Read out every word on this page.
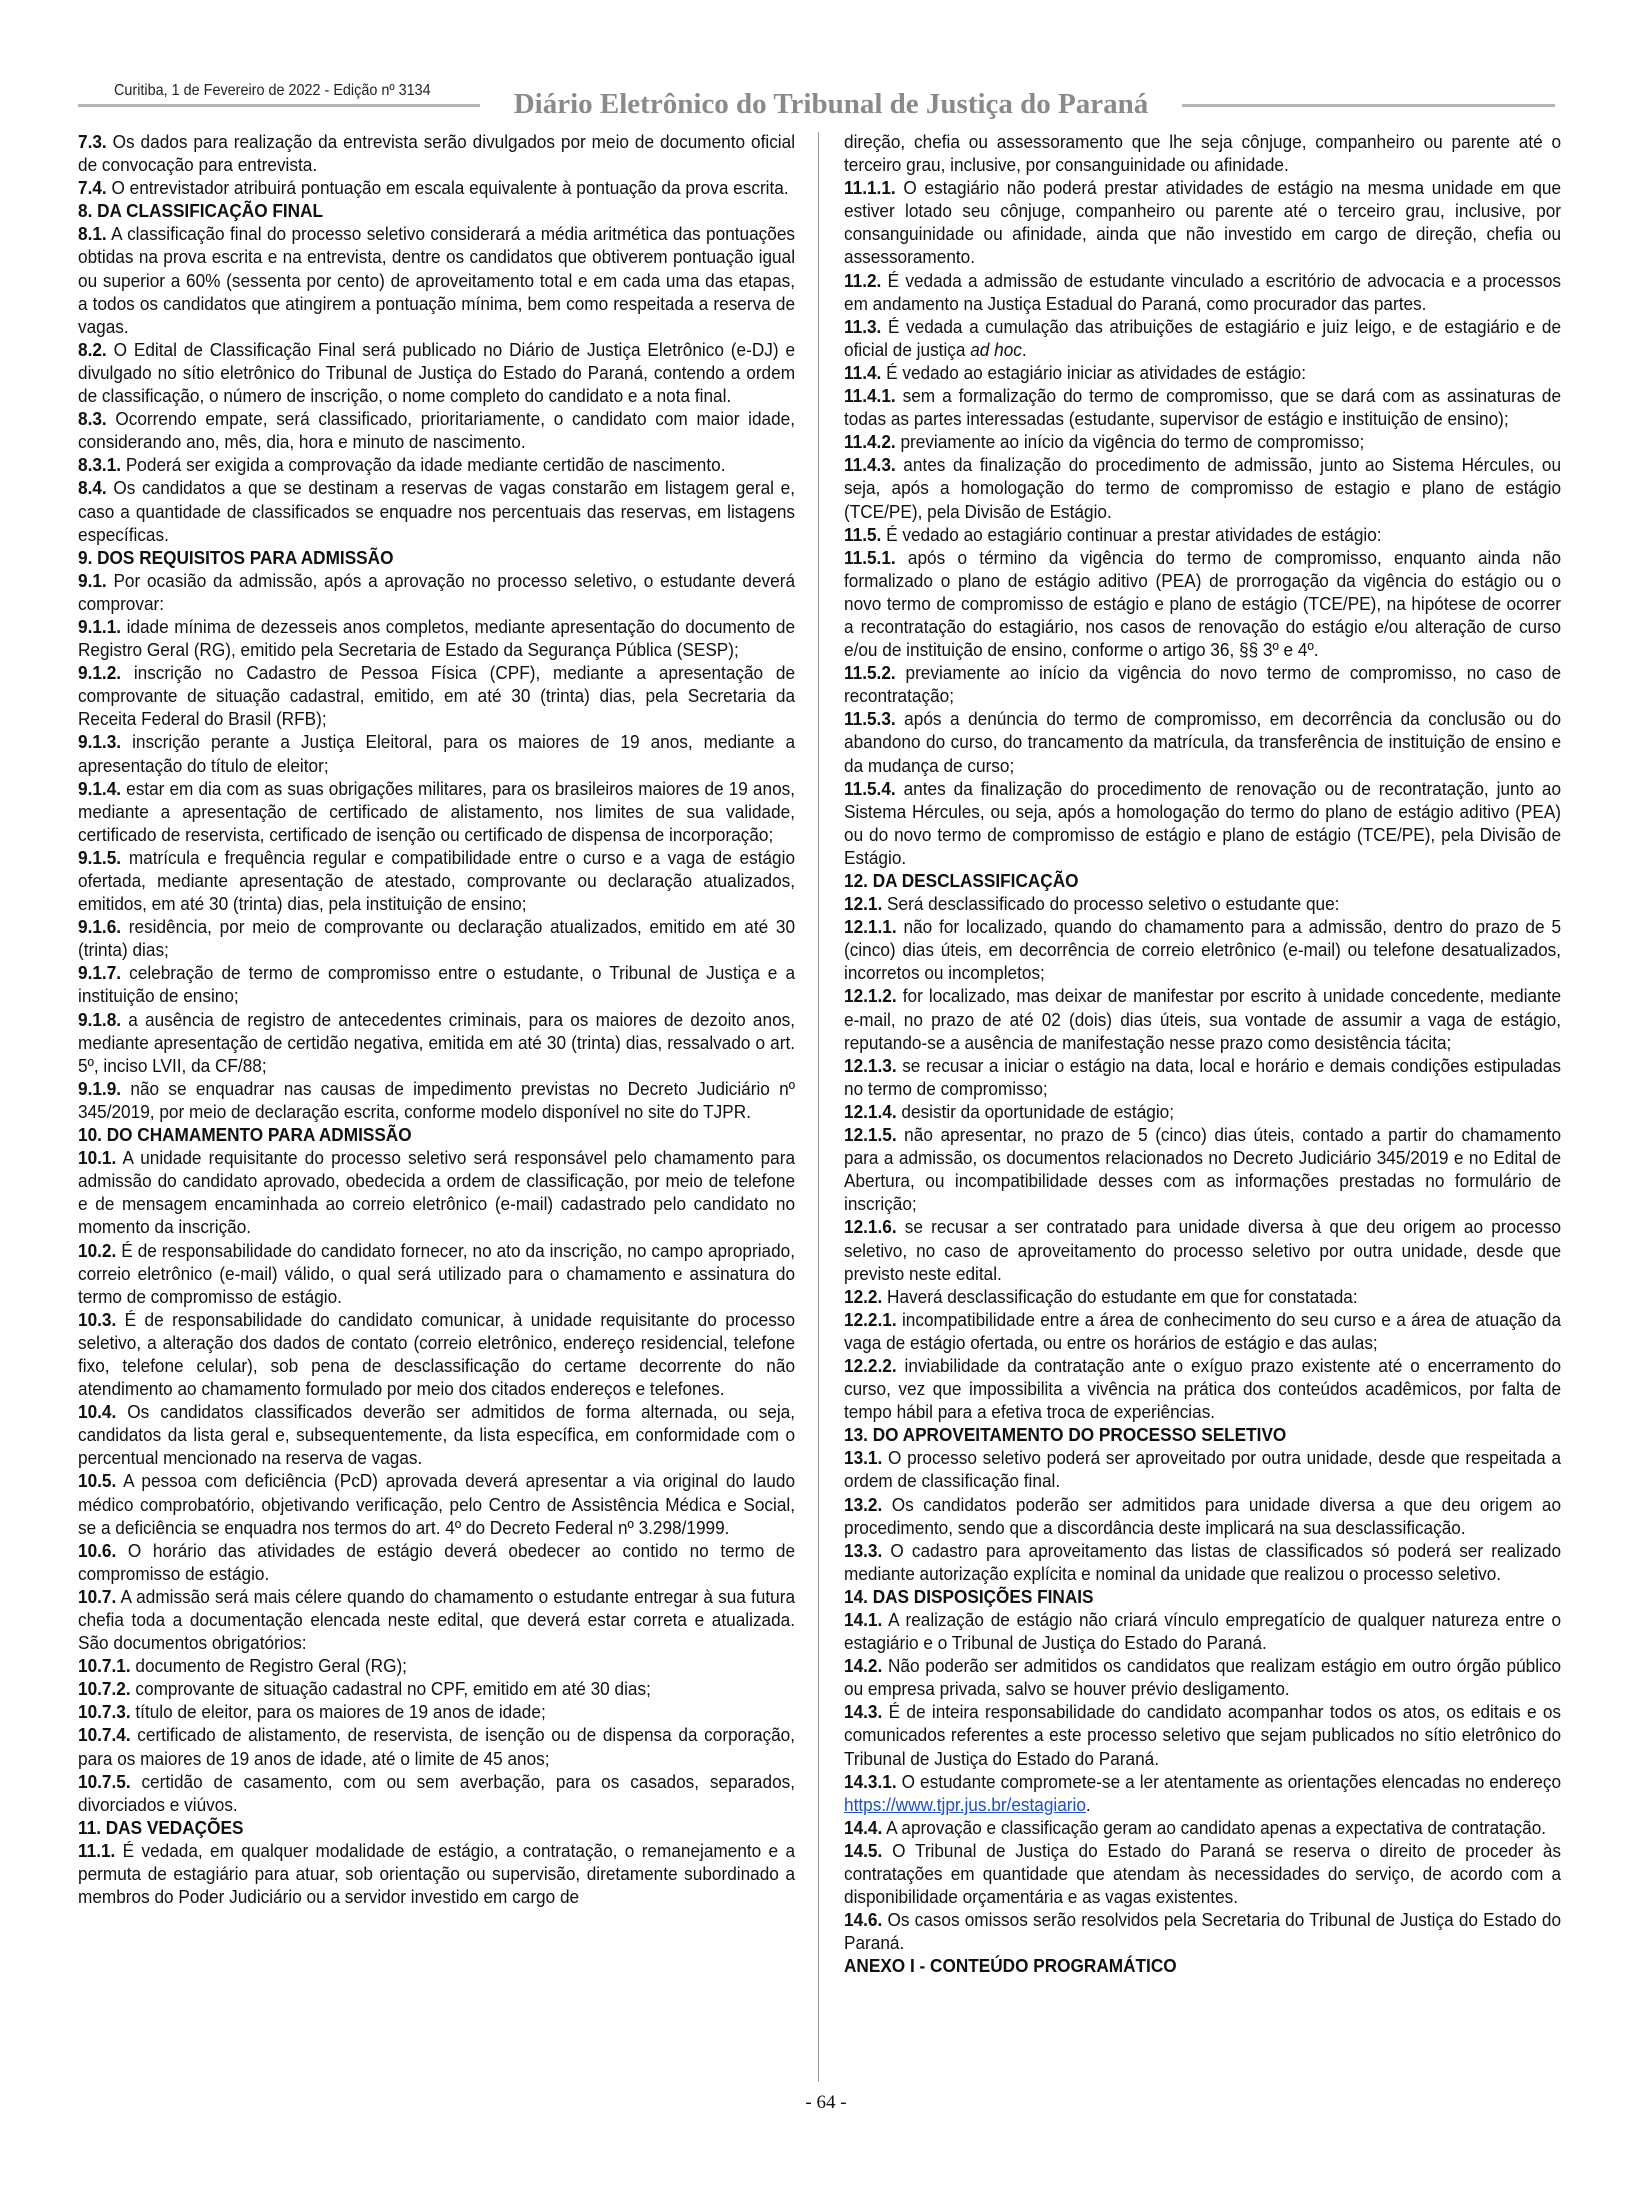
Curitiba, 1 de Fevereiro de 2022 - Edição nº 3134	Diário Eletrônico do Tribunal de Justiça do Paraná

7.3. Os dados para realização da entrevista serão divulgados por meio de documento oficial de convocação para entrevista.

7.4. O entrevistador atribuirá pontuação em escala equivalente à pontuação da prova escrita.

8. DA CLASSIFICAÇÃO FINAL

8.1. A classificação final do processo seletivo considerará a média aritmética das pontuações obtidas na prova escrita e na entrevista, dentre os candidatos que obtiverem pontuação igual ou superior a 60% (sessenta por cento) de aproveitamento total e em cada uma das etapas, a todos os candidatos que atingirem a pontuação mínima, bem como respeitada a reserva de vagas.

8.2. O Edital de Classificação Final será publicado no Diário de Justiça Eletrônico (e-DJ) e divulgado no sítio eletrônico do Tribunal de Justiça do Estado do Paraná, contendo a ordem de classificação, o número de inscrição, o nome completo do candidato e a nota final.

8.3. Ocorrendo empate, será classificado, prioritariamente, o candidato com maior idade, considerando ano, mês, dia, hora e minuto de nascimento.

8.3.1. Poderá ser exigida a comprovação da idade mediante certidão de nascimento.

8.4. Os candidatos a que se destinam a reservas de vagas constarão em listagem geral e, caso a quantidade de classificados se enquadre nos percentuais das reservas, em listagens específicas.

9. DOS REQUISITOS PARA ADMISSÃO

9.1. Por ocasião da admissão, após a aprovação no processo seletivo, o estudante deverá comprovar:

9.1.1. idade mínima de dezesseis anos completos, mediante apresentação do documento de Registro Geral (RG), emitido pela Secretaria de Estado da Segurança Pública (SESP);

9.1.2. inscrição no Cadastro de Pessoa Física (CPF), mediante a apresentação de comprovante de situação cadastral, emitido, em até 30 (trinta) dias, pela Secretaria da Receita Federal do Brasil (RFB);

9.1.3. inscrição perante a Justiça Eleitoral, para os maiores de 19 anos, mediante a apresentação do título de eleitor;

9.1.4. estar em dia com as suas obrigações militares, para os brasileiros maiores de 19 anos, mediante a apresentação de certificado de alistamento, nos limites de sua validade, certificado de reservista, certificado de isenção ou certificado de dispensa de incorporação;

9.1.5. matrícula e frequência regular e compatibilidade entre o curso e a vaga de estágio ofertada, mediante apresentação de atestado, comprovante ou declaração atualizados, emitidos, em até 30 (trinta) dias, pela instituição de ensino;

9.1.6. residência, por meio de comprovante ou declaração atualizados, emitido em até 30 (trinta) dias;

9.1.7. celebração de termo de compromisso entre o estudante, o Tribunal de Justiça e a instituição de ensino;

9.1.8. a ausência de registro de antecedentes criminais, para os maiores de dezoito anos, mediante apresentação de certidão negativa, emitida em até 30 (trinta) dias, ressalvado o art. 5º, inciso LVII, da CF/88;

9.1.9. não se enquadrar nas causas de impedimento previstas no Decreto Judiciário nº 345/2019, por meio de declaração escrita, conforme modelo disponível no site do TJPR.

10. DO CHAMAMENTO PARA ADMISSÃO

10.1. A unidade requisitante do processo seletivo será responsável pelo chamamento para admissão do candidato aprovado, obedecida a ordem de classificação, por meio de telefone e de mensagem encaminhada ao correio eletrônico (e-mail) cadastrado pelo candidato no momento da inscrição.

10.2. É de responsabilidade do candidato fornecer, no ato da inscrição, no campo apropriado, correio eletrônico (e-mail) válido, o qual será utilizado para o chamamento e assinatura do termo de compromisso de estágio.

10.3. É de responsabilidade do candidato comunicar, à unidade requisitante do processo seletivo, a alteração dos dados de contato (correio eletrônico, endereço residencial, telefone fixo, telefone celular), sob pena de desclassificação do certame decorrente do não atendimento ao chamamento formulado por meio dos citados endereços e telefones.

10.4. Os candidatos classificados deverão ser admitidos de forma alternada, ou seja, candidatos da lista geral e, subsequentemente, da lista específica, em conformidade com o percentual mencionado na reserva de vagas.

10.5. A pessoa com deficiência (PcD) aprovada deverá apresentar a via original do laudo médico comprobatório, objetivando verificação, pelo Centro de Assistência Médica e Social, se a deficiência se enquadra nos termos do art. 4º do Decreto Federal nº 3.298/1999.

10.6. O horário das atividades de estágio deverá obedecer ao contido no termo de compromisso de estágio.

10.7. A admissão será mais célere quando do chamamento o estudante entregar à sua futura chefia toda a documentação elencada neste edital, que deverá estar correta e atualizada. São documentos obrigatórios:

10.7.1. documento de Registro Geral (RG);

10.7.2. comprovante de situação cadastral no CPF, emitido em até 30 dias;

10.7.3. título de eleitor, para os maiores de 19 anos de idade;

10.7.4. certificado de alistamento, de reservista, de isenção ou de dispensa da corporação, para os maiores de 19 anos de idade, até o limite de 45 anos;

10.7.5. certidão de casamento, com ou sem averbação, para os casados, separados, divorciados e viúvos.

11. DAS VEDAÇÕES

11.1. É vedada, em qualquer modalidade de estágio, a contratação, o remanejamento e a permuta de estagiário para atuar, sob orientação ou supervisão, diretamente subordinado a membros do Poder Judiciário ou a servidor investido em cargo de

direção, chefia ou assessoramento que lhe seja cônjuge, companheiro ou parente até o terceiro grau, inclusive, por consanguinidade ou afinidade.

11.1.1. O estagiário não poderá prestar atividades de estágio na mesma unidade em que estiver lotado seu cônjuge, companheiro ou parente até o terceiro grau, inclusive, por consanguinidade ou afinidade, ainda que não investido em cargo de direção, chefia ou assessoramento.

11.2. É vedada a admissão de estudante vinculado a escritório de advocacia e a processos em andamento na Justiça Estadual do Paraná, como procurador das partes.

11.3. É vedada a cumulação das atribuições de estagiário e juiz leigo, e de estagiário e de oficial de justiça ad hoc.

11.4. É vedado ao estagiário iniciar as atividades de estágio:

11.4.1. sem a formalização do termo de compromisso, que se dará com as assinaturas de todas as partes interessadas (estudante, supervisor de estágio e instituição de ensino);

11.4.2. previamente ao início da vigência do termo de compromisso;

11.4.3. antes da finalização do procedimento de admissão, junto ao Sistema Hércules, ou seja, após a homologação do termo de compromisso de estagio e plano de estágio (TCE/PE), pela Divisão de Estágio.

11.5. É vedado ao estagiário continuar a prestar atividades de estágio:

11.5.1. após o término da vigência do termo de compromisso, enquanto ainda não formalizado o plano de estágio aditivo (PEA) de prorrogação da vigência do estágio ou o novo termo de compromisso de estágio e plano de estágio (TCE/PE), na hipótese de ocorrer a recontratação do estagiário, nos casos de renovação do estágio e/ou alteração de curso e/ou de instituição de ensino, conforme o artigo 36, §§ 3º e 4º.

11.5.2. previamente ao início da vigência do novo termo de compromisso, no caso de recontratação;

11.5.3. após a denúncia do termo de compromisso, em decorrência da conclusão ou do abandono do curso, do trancamento da matrícula, da transferência de instituição de ensino e da mudança de curso;

11.5.4. antes da finalização do procedimento de renovação ou de recontratação, junto ao Sistema Hércules, ou seja, após a homologação do termo do plano de estágio aditivo (PEA) ou do novo termo de compromisso de estágio e plano de estágio (TCE/PE), pela Divisão de Estágio.

12. DA DESCLASSIFICAÇÃO

12.1. Será desclassificado do processo seletivo o estudante que:

12.1.1. não for localizado, quando do chamamento para a admissão, dentro do prazo de 5 (cinco) dias úteis, em decorrência de correio eletrônico (e-mail) ou telefone desatualizados, incorretos ou incompletos;

12.1.2. for localizado, mas deixar de manifestar por escrito à unidade concedente, mediante e-mail, no prazo de até 02 (dois) dias úteis, sua vontade de assumir a vaga de estágio, reputando-se a ausência de manifestação nesse prazo como desistência tácita;

12.1.3. se recusar a iniciar o estágio na data, local e horário e demais condições estipuladas no termo de compromisso;

12.1.4. desistir da oportunidade de estágio;

12.1.5. não apresentar, no prazo de 5 (cinco) dias úteis, contado a partir do chamamento para a admissão, os documentos relacionados no Decreto Judiciário 345/2019 e no Edital de Abertura, ou incompatibilidade desses com as informações prestadas no formulário de inscrição;

12.1.6. se recusar a ser contratado para unidade diversa à que deu origem ao processo seletivo, no caso de aproveitamento do processo seletivo por outra unidade, desde que previsto neste edital.

12.2. Haverá desclassificação do estudante em que for constatada:

12.2.1. incompatibilidade entre a área de conhecimento do seu curso e a área de atuação da vaga de estágio ofertada, ou entre os horários de estágio e das aulas;

12.2.2. inviabilidade da contratação ante o exíguo prazo existente até o encerramento do curso, vez que impossibilita a vivência na prática dos conteúdos acadêmicos, por falta de tempo hábil para a efetiva troca de experiências.

13. DO APROVEITAMENTO DO PROCESSO SELETIVO

13.1. O processo seletivo poderá ser aproveitado por outra unidade, desde que respeitada a ordem de classificação final.

13.2. Os candidatos poderão ser admitidos para unidade diversa a que deu origem ao procedimento, sendo que a discordância deste implicará na sua desclassificação.

13.3. O cadastro para aproveitamento das listas de classificados só poderá ser realizado mediante autorização explícita e nominal da unidade que realizou o processo seletivo.

14. DAS DISPOSIÇÕES FINAIS

14.1. A realização de estágio não criará vínculo empregatício de qualquer natureza entre o estagiário e o Tribunal de Justiça do Estado do Paraná.

14.2. Não poderão ser admitidos os candidatos que realizam estágio em outro órgão público ou empresa privada, salvo se houver prévio desligamento.

14.3. É de inteira responsabilidade do candidato acompanhar todos os atos, os editais e os comunicados referentes a este processo seletivo que sejam publicados no sítio eletrônico do Tribunal de Justiça do Estado do Paraná.

14.3.1. O estudante compromete-se a ler atentamente as orientações elencadas no endereço https://www.tjpr.jus.br/estagiario.

14.4. A aprovação e classificação geram ao candidato apenas a expectativa de contratação.

14.5. O Tribunal de Justiça do Estado do Paraná se reserva o direito de proceder às contratações em quantidade que atendam às necessidades do serviço, de acordo com a disponibilidade orçamentária e as vagas existentes.

14.6. Os casos omissos serão resolvidos pela Secretaria do Tribunal de Justiça do Estado do Paraná.

ANEXO I - CONTEÚDO PROGRAMÁTICO

- 64 -
